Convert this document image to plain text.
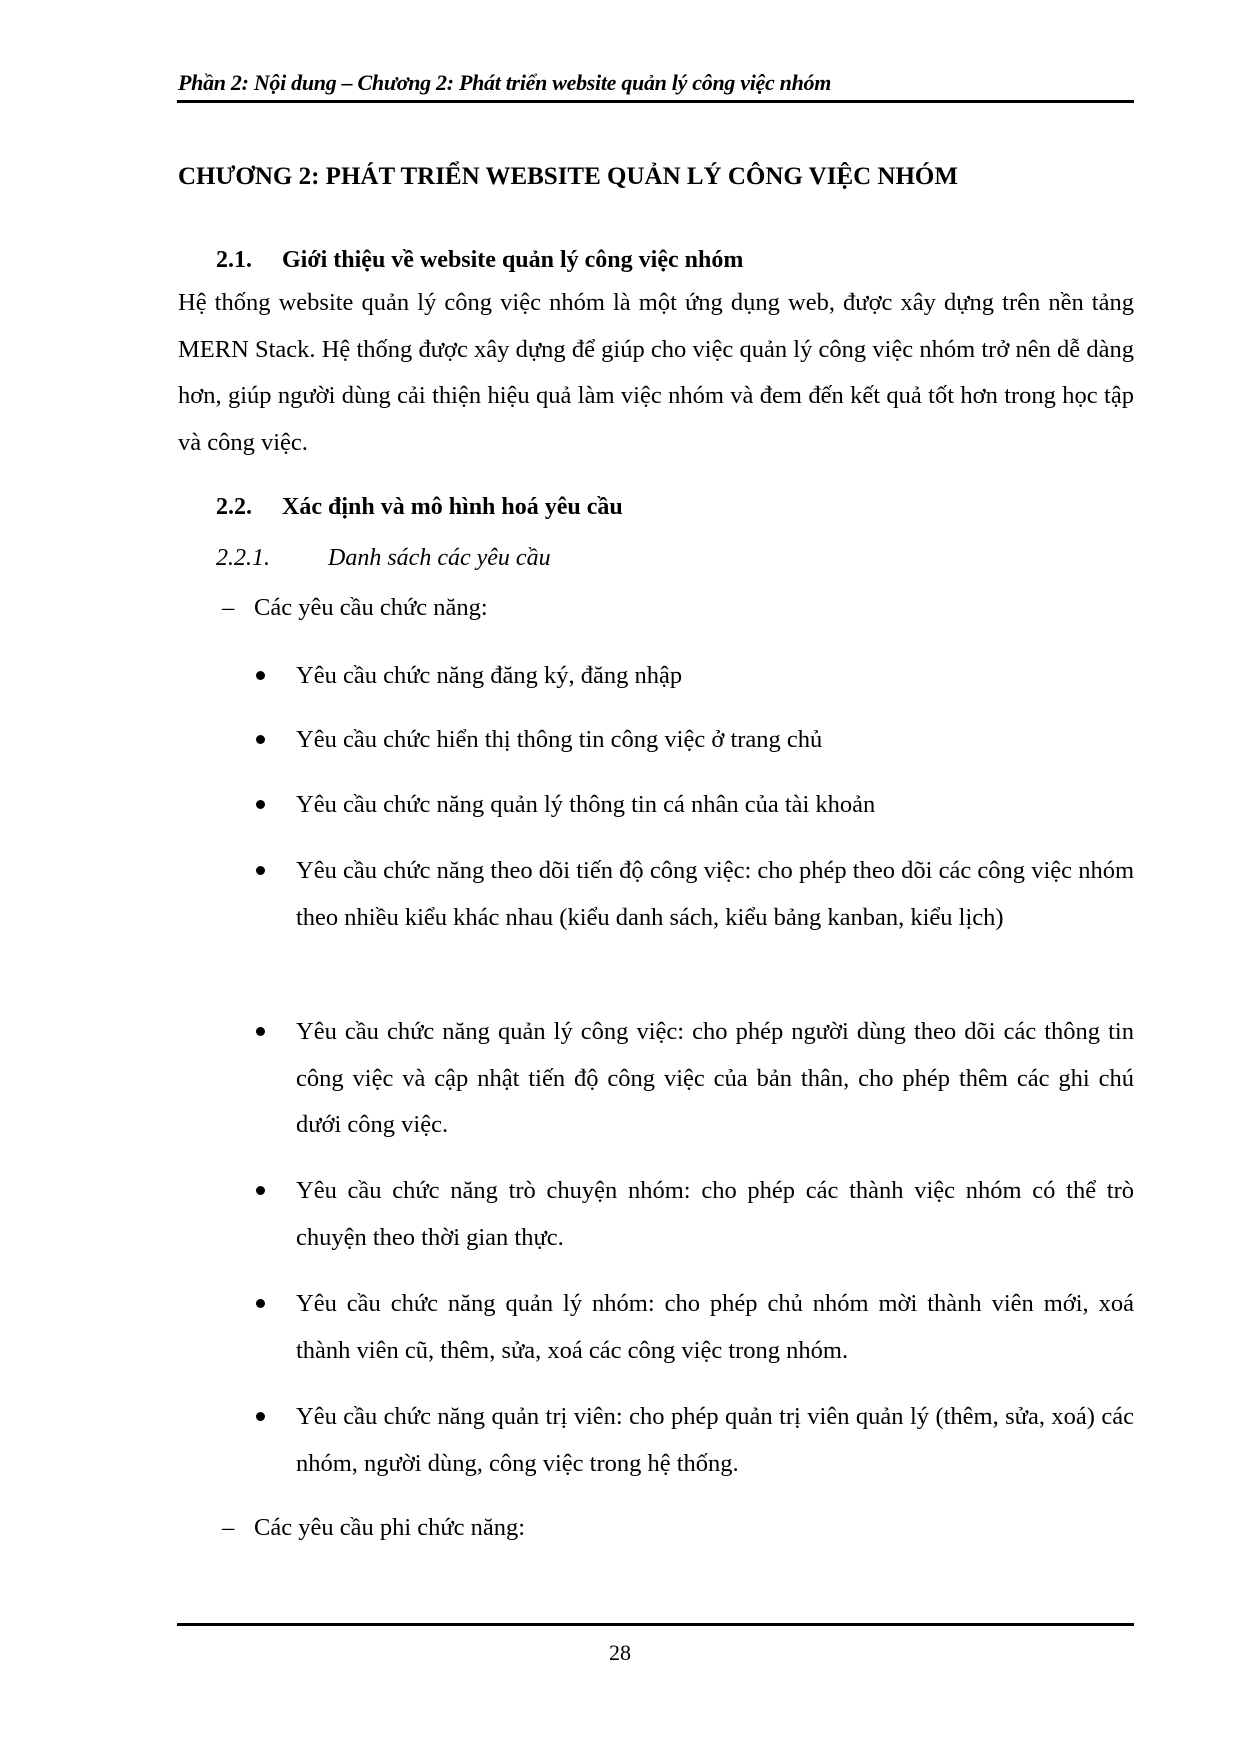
Phần 2: Nội dung – Chương 2: Phát triển website quản lý công việc nhóm
CHƯƠNG 2: PHÁT TRIỂN WEBSITE QUẢN LÝ CÔNG VIỆC NHÓM
2.1. Giới thiệu về website quản lý công việc nhóm
Hệ thống website quản lý công việc nhóm là một ứng dụng web, được xây dựng trên nền tảng MERN Stack. Hệ thống được xây dựng để giúp cho việc quản lý công việc nhóm trở nên dễ dàng hơn, giúp người dùng cải thiện hiệu quả làm việc nhóm và đem đến kết quả tốt hơn trong học tập và công việc.
2.2. Xác định và mô hình hoá yêu cầu
2.2.1. Danh sách các yêu cầu
– Các yêu cầu chức năng:
Yêu cầu chức năng đăng ký, đăng nhập
Yêu cầu chức hiển thị thông tin công việc ở trang chủ
Yêu cầu chức năng quản lý thông tin cá nhân của tài khoản
Yêu cầu chức năng theo dõi tiến độ công việc: cho phép theo dõi các công việc nhóm theo nhiều kiểu khác nhau (kiểu danh sách, kiểu bảng kanban, kiểu lịch)
Yêu cầu chức năng quản lý công việc: cho phép người dùng theo dõi các thông tin công việc và cập nhật tiến độ công việc của bản thân, cho phép thêm các ghi chú dưới công việc.
Yêu cầu chức năng trò chuyện nhóm: cho phép các thành việc nhóm có thể trò chuyện theo thời gian thực.
Yêu cầu chức năng quản lý nhóm: cho phép chủ nhóm mời thành viên mới, xoá thành viên cũ, thêm, sửa, xoá các công việc trong nhóm.
Yêu cầu chức năng quản trị viên: cho phép quản trị viên quản lý (thêm, sửa, xoá) các nhóm, người dùng, công việc trong hệ thống.
– Các yêu cầu phi chức năng:
28
